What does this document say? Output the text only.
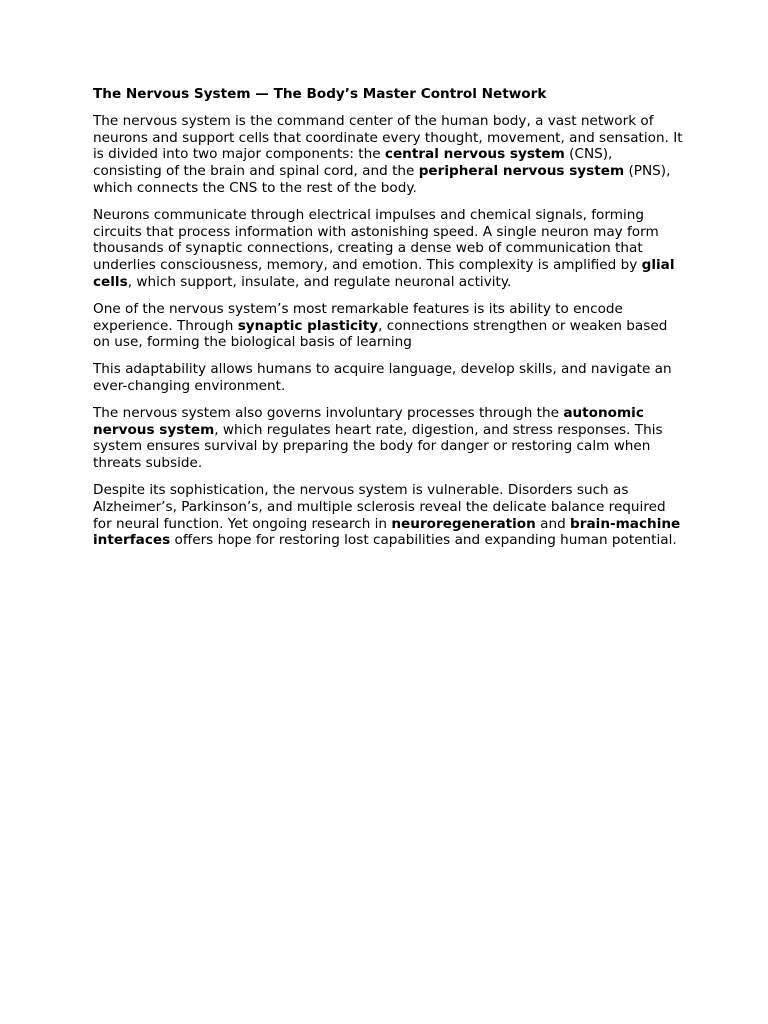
The Nervous System — The Body’s Master Control Network

The nervous system is the command center of the human body, a vast network of neurons and support cells that coordinate every thought, movement, and sensation. It is divided into two major components: the central nervous system (CNS), consisting of the brain and spinal cord, and the peripheral nervous system (PNS), which connects the CNS to the rest of the body.

Neurons communicate through electrical impulses and chemical signals, forming circuits that process information with astonishing speed. A single neuron may form thousands of synaptic connections, creating a dense web of communication that underlies consciousness, memory, and emotion. This complexity is amplified by glial cells, which support, insulate, and regulate neuronal activity.

One of the nervous system’s most remarkable features is its ability to encode experience. Through synaptic plasticity, connections strengthen or weaken based on use, forming the biological basis of learning

This adaptability allows humans to acquire language, develop skills, and navigate an ever-changing environment.

The nervous system also governs involuntary processes through the autonomic nervous system, which regulates heart rate, digestion, and stress responses. This system ensures survival by preparing the body for danger or restoring calm when threats subside.

Despite its sophistication, the nervous system is vulnerable. Disorders such as Alzheimer’s, Parkinson’s, and multiple sclerosis reveal the delicate balance required for neural function. Yet ongoing research in neuroregeneration and brain-machine interfaces offers hope for restoring lost capabilities and expanding human potential.
